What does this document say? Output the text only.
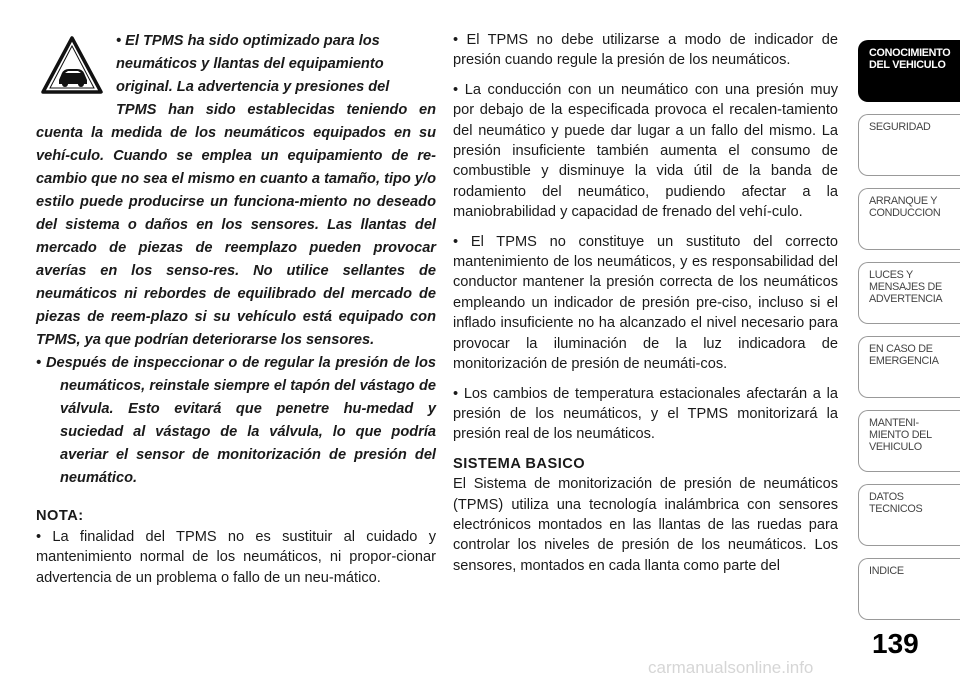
• El TPMS ha sido optimizado para los
neumáticos y llantas del equipamiento
original. La advertencia y presiones del
TPMS han sido establecidas teniendo en cuenta la medida de los neumáticos equipados en su vehí-culo. Cuando se emplea un equipamiento de re-cambio que no sea el mismo en cuanto a tamaño, tipo y/o estilo puede producirse un funciona-miento no deseado del sistema o daños en los sensores. Las llantas del mercado de piezas de reemplazo pueden provocar averías en los senso-res. No utilice sellantes de neumáticos ni rebordes de equilibrado del mercado de piezas de reem-plazo si su vehículo está equipado con TPMS, ya que podrían deteriorarse los sensores.
• Después de inspeccionar o de regular la presión de los neumáticos, reinstale siempre el tapón del vástago de válvula. Esto evitará que penetre hu-medad y suciedad al vástago de la válvula, lo que podría averiar el sensor de monitorización de presión del neumático.
NOTA:
• La finalidad del TPMS no es sustituir al cuidado y mantenimiento normal de los neumáticos, ni propor-cionar advertencia de un problema o fallo de un neu-mático.

• El TPMS no debe utilizarse a modo de indicador de presión cuando regule la presión de los neumáticos.

• La conducción con un neumático con una presión muy por debajo de la especificada provoca el recalen-tamiento del neumático y puede dar lugar a un fallo del mismo. La presión insuficiente también aumenta el consumo de combustible y disminuye la vida útil de la banda de rodamiento del neumático, pudiendo afectar a la maniobrabilidad y capacidad de frenado del vehí-culo.

• El TPMS no constituye un sustituto del correcto mantenimiento de los neumáticos, y es responsabilidad del conductor mantener la presión correcta de los neumáticos empleando un indicador de presión pre-ciso, incluso si el inflado insuficiente no ha alcanzado el nivel necesario para provocar la iluminación de la luz indicadora de monitorización de presión de neumáti-cos.

• Los cambios de temperatura estacionales afectarán a la presión de los neumáticos, y el TPMS monitorizará la presión real de los neumáticos.

SISTEMA BASICO

El Sistema de monitorización de presión de neumáticos (TPMS) utiliza una tecnología inalámbrica con sensores electrónicos montados en las llantas de las ruedas para controlar los niveles de presión de los neumáticos. Los sensores, montados en cada llanta como parte del

CONOCIMIENTO
DEL VEHICULO
SEGURIDAD
ARRANQUE Y
CONDUCCION
LUCES Y
MENSAJES DE
ADVERTENCIA
EN CASO DE
EMERGENCIA
MANTENI-
MIENTO DEL
VEHICULO
DATOS
TECNICOS
INDICE
139
carmanualsonline.info
